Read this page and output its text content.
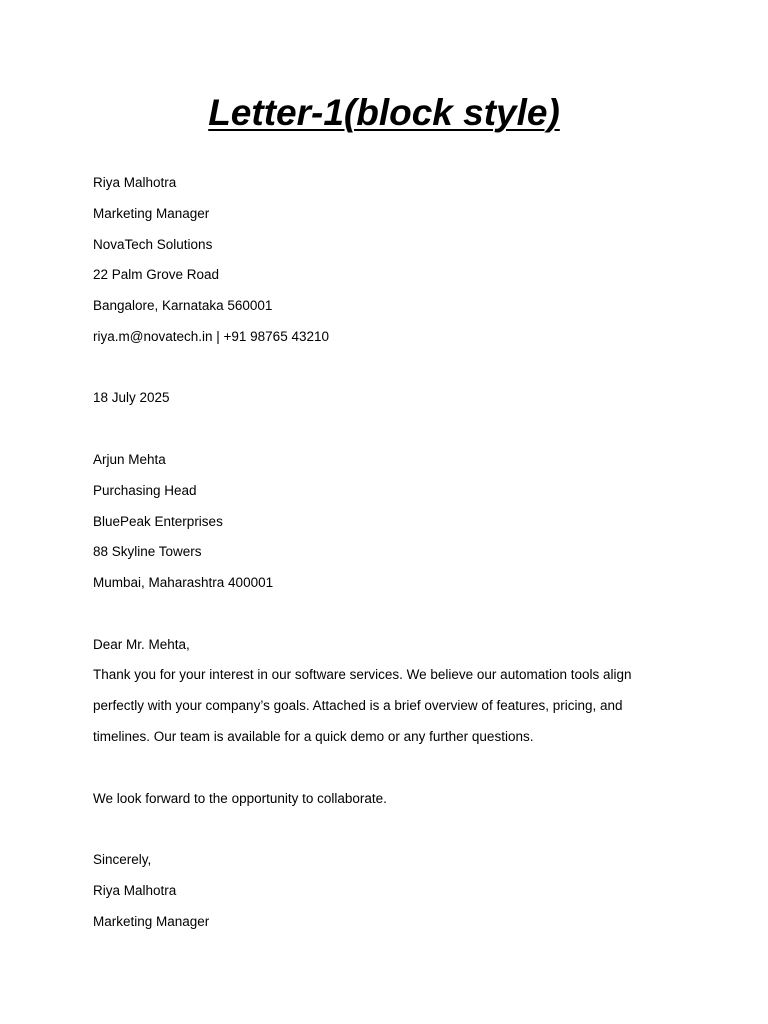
Letter-1(block style)
Riya Malhotra
Marketing Manager
NovaTech Solutions
22 Palm Grove Road
Bangalore, Karnataka 560001
riya.m@novatech.in | +91 98765 43210
18 July 2025
Arjun Mehta
Purchasing Head
BluePeak Enterprises
88 Skyline Towers
Mumbai, Maharashtra 400001
Dear Mr. Mehta,
Thank you for your interest in our software services. We believe our automation tools align
perfectly with your company’s goals. Attached is a brief overview of features, pricing, and
timelines. Our team is available for a quick demo or any further questions.
We look forward to the opportunity to collaborate.
Sincerely,
Riya Malhotra
Marketing Manager
